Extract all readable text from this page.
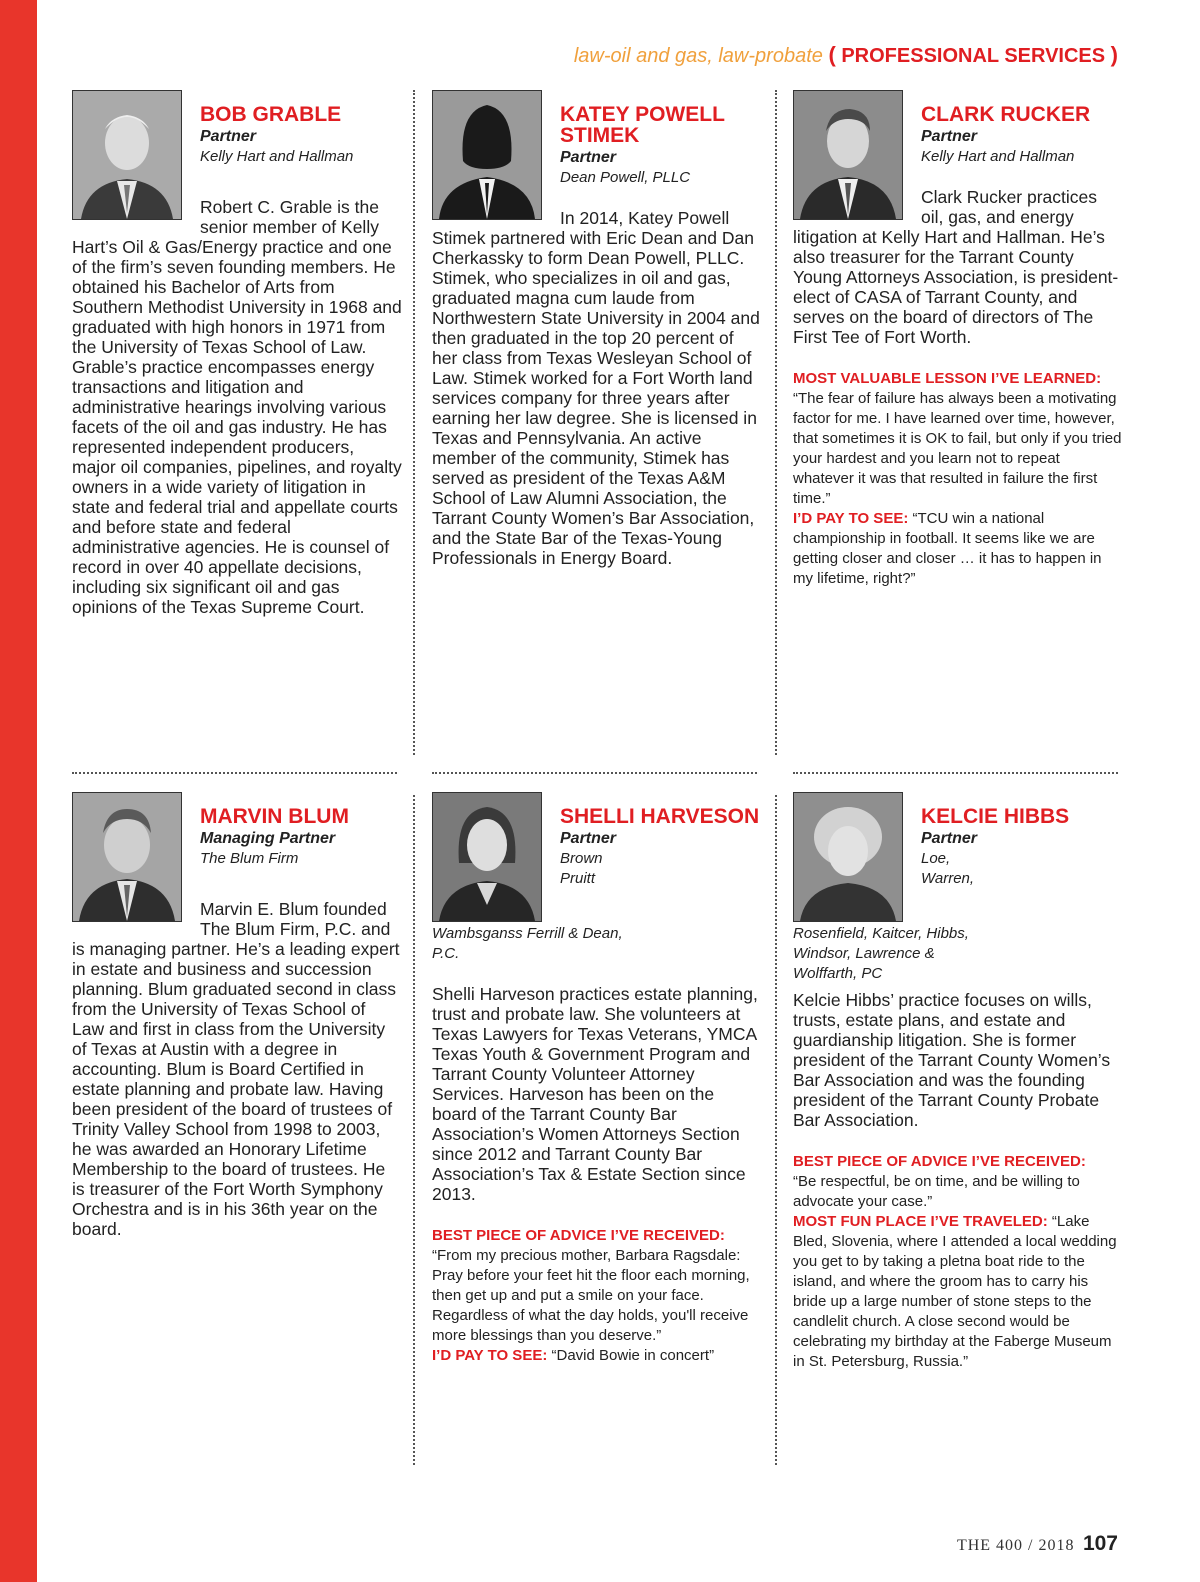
law-oil and gas, law-probate ( PROFESSIONAL SERVICES )
BOB GRABLE
Partner
Kelly Hart and Hallman
Robert C. Grable is the senior member of Kelly Hart’s Oil & Gas/Energy practice and one of the firm’s seven founding members. He obtained his Bachelor of Arts from Southern Methodist University in 1968 and graduated with high honors in 1971 from the University of Texas School of Law. Grable’s practice encompasses energy transactions and litigation and administrative hearings involving various facets of the oil and gas industry. He has represented independent producers, major oil companies, pipelines, and royalty owners in a wide variety of litigation in state and federal trial and appellate courts and before state and federal administrative agencies. He is counsel of record in over 40 appellate decisions, including six significant oil and gas opinions of the Texas Supreme Court.
KATEY POWELL STIMEK
Partner
Dean Powell, PLLC
In 2014, Katey Powell Stimek partnered with Eric Dean and Dan Cherkassky to form Dean Powell, PLLC. Stimek, who specializes in oil and gas, graduated magna cum laude from Northwestern State University in 2004 and then graduated in the top 20 percent of her class from Texas Wesleyan School of Law. Stimek worked for a Fort Worth land services company for three years after earning her law degree. She is licensed in Texas and Pennsylvania. An active member of the community, Stimek has served as president of the Texas A&M School of Law Alumni Association, the Tarrant County Women’s Bar Association, and the State Bar of the Texas-Young Professionals in Energy Board.
CLARK RUCKER
Partner
Kelly Hart and Hallman
Clark Rucker practices oil, gas, and energy litigation at Kelly Hart and Hallman. He’s also treasurer for the Tarrant County Young Attorneys Association, is president-elect of CASA of Tarrant County, and serves on the board of directors of The First Tee of Fort Worth.

MOST VALUABLE LESSON I’VE LEARNED:
“The fear of failure has always been a motivating factor for me. I have learned over time, however, that sometimes it is OK to fail, but only if you tried your hardest and you learn not to repeat whatever it was that resulted in failure the first time.”

I’D PAY TO SEE: “TCU win a national championship in football. It seems like we are getting closer and closer … it has to happen in my lifetime, right?”

MARVIN BLUM
Managing Partner
The Blum Firm
Marvin E. Blum founded The Blum Firm, P.C. and is managing partner. He’s a leading expert in estate and business and succession planning. Blum graduated second in class from the University of Texas School of Law and first in class from the University of Texas at Austin with a degree in accounting. Blum is Board Certified in estate planning and probate law. Having been president of the board of trustees of Trinity Valley School from 1998 to 2003, he was awarded an Honorary Lifetime Membership to the board of trustees. He is treasurer of the Fort Worth Symphony Orchestra and is in his 36th year on the board.
SHELLI HARVESON
Partner
Brown Pruitt Wambsganss Ferrill & Dean, P.C.
Shelli Harveson practices estate planning, trust and probate law. She volunteers at Texas Lawyers for Texas Veterans, YMCA Texas Youth & Government Program and Tarrant County Volunteer Attorney Services. Harveson has been on the board of the Tarrant County Bar Association’s Women Attorneys Section since 2012 and Tarrant County Bar Association’s Tax & Estate Section since 2013.

BEST PIECE OF ADVICE I’VE RECEIVED:
“From my precious mother, Barbara Ragsdale: Pray before your feet hit the floor each morning, then get up and put a smile on your face. Regardless of what the day holds, you'll receive more blessings than you deserve.”

I’D PAY TO SEE: “David Bowie in concert”

KELCIE HIBBS
Partner
Loe, Warren, Rosenfield, Kaitcer, Hibbs, Windsor, Lawrence & Wolffarth, PC
Kelcie Hibbs’ practice focuses on wills, trusts, estate plans, and estate and guardianship litigation. She is former president of the Tarrant County Women’s Bar Association and was the founding president of the Tarrant County Probate Bar Association.

BEST PIECE OF ADVICE I’VE RECEIVED:
“Be respectful, be on time, and be willing to advocate your case.”

MOST FUN PLACE I’VE TRAVELED: “Lake Bled, Slovenia, where I attended a local wedding you get to by taking a pletna boat ride to the island, and where the groom has to carry his bride up a large number of stone steps to the candlelit church. A close second would be celebrating my birthday at the Faberge Museum in St. Petersburg, Russia.”

THE 400 / 2018 107
